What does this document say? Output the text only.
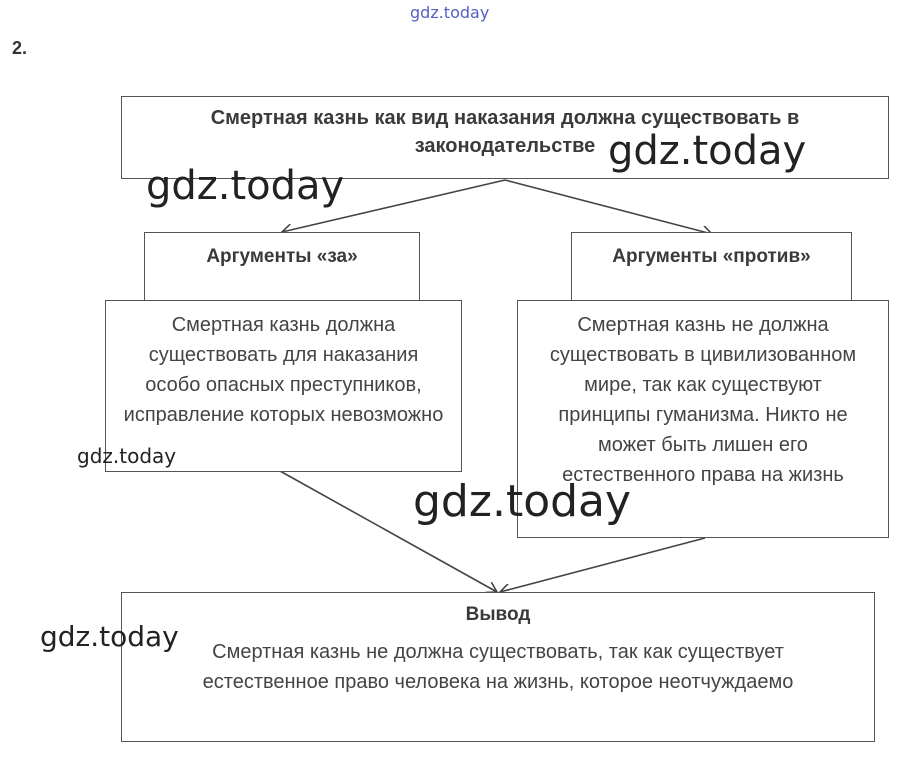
gdz.today
2.
Смертная казнь как вид наказания должна существовать в законодательстве
Аргументы «за»
Смертная казнь должна существовать для наказания особо опасных преступников, исправление которых невозможно
Аргументы «против»
Смертная казнь не должна существовать в цивилизованном мире, так как существуют принципы гуманизма. Никто не может быть лишен его естественного права на жизнь
Вывод
Смертная казнь не должна существовать, так как существует естественное право человека на жизнь, которое неотчуждаемо
gdz.today
gdz.today
gdz.today
gdz.today
gdz.today
